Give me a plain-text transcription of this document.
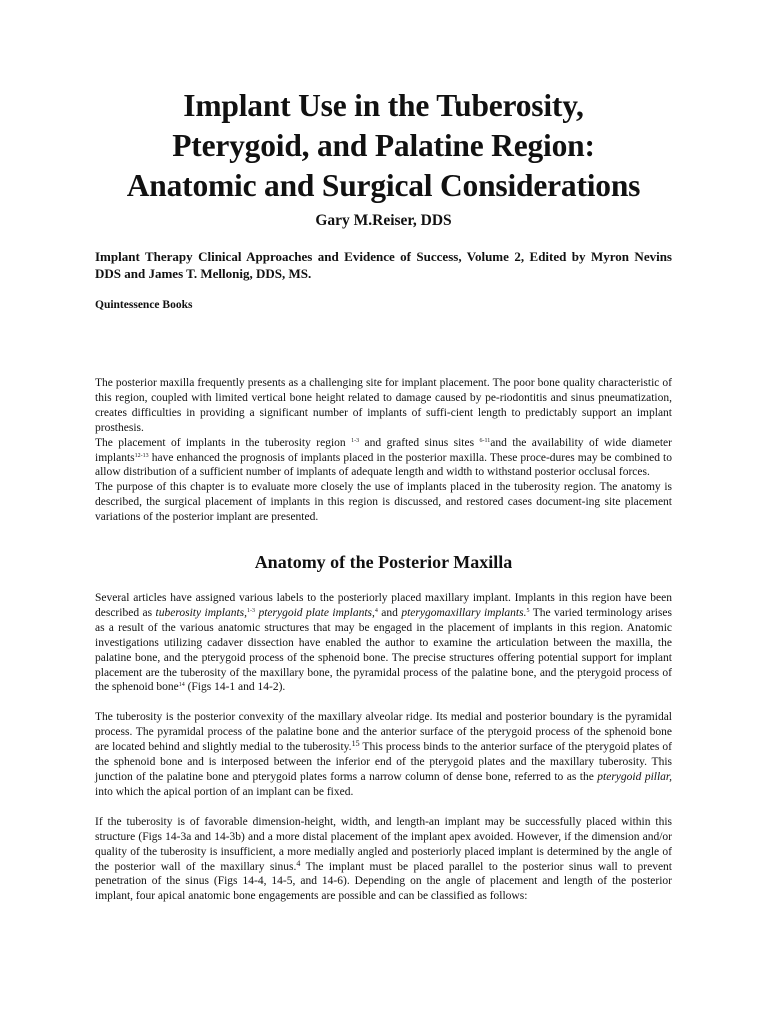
Implant Use in the Tuberosity,
Pterygoid, and Palatine Region:
Anatomic and Surgical Considerations
Gary M.Reiser, DDS
Implant Therapy Clinical Approaches and Evidence of Success, Volume 2, Edited by Myron Nevins DDS and James T. Mellonig, DDS, MS.
Quintessence Books

The posterior maxilla frequently presents as a challenging site for implant placement. The poor bone quality characteristic of this region, coupled with limited vertical bone height related to damage caused by pe-riodontitis and sinus pneumatization, creates difficulties in providing a significant number of implants of suffi-cient length to predictably support an implant prosthesis.

The placement of implants in the tuberosity region $^{1-3}$ and grafted sinus sites $^{6-11}$and the availability of wide diameter implants$^{12-13}$ have enhanced the prognosis of implants placed in the posterior maxilla. These proce-dures may be combined to allow distribution of a sufficient number of implants of adequate length and width to withstand posterior occlusal forces.

The purpose of this chapter is to evaluate more closely the use of implants placed in the tuberosity region. The anatomy is described, the surgical placement of implants in this region is discussed, and restored cases document-ing site placement variations of the posterior implant are presented.

Anatomy of the Posterior Maxilla

Several articles have assigned various labels to the posteriorly placed maxillary implant. Implants in this region have been described as tuberosity implants,$^{1-3}$ pterygoid plate implants,$^4$ and pterygomaxillary implants.$^5$ The varied terminology arises as a result of the various anatomic structures that may be engaged in the placement of implants in this region. Anatomic investigations utilizing cadaver dissection have enabled the author to examine the articulation between the maxilla, the palatine bone, and the pterygoid process of the sphenoid bone. The precise structures offering potential support for implant placement are the tuberosity of the maxillary bone, the pyramidal process of the palatine bone, and the pterygoid process of the sphenoid bone$^{14}$ (Figs 14-1 and 14-2).

The tuberosity is the posterior convexity of the maxillary alveolar ridge. Its medial and posterior boundary is the pyramidal process. The pyramidal process of the palatine bone and the anterior surface of the pterygoid process of the sphenoid bone are located behind and slightly medial to the tuberosity.$^{15}$ This process binds to the anterior surface of the pterygoid plates of the sphenoid bone and is interposed between the inferior end of the pterygoid plates and the maxillary tuberosity. This junction of the palatine bone and pterygoid plates forms a narrow column of dense bone, referred to as the pterygoid pillar, into which the apical portion of an implant can be fixed.

If the tuberosity is of favorable dimension-height, width, and length-an implant may be successfully placed within this structure (Figs 14-3a and 14-3b) and a more distal placement of the implant apex avoided. However, if the dimension and/or quality of the tuberosity is insufficient, a more medially angled and posteriorly placed implant is determined by the angle of the posterior wall of the maxillary sinus.$^4$ The implant must be placed parallel to the posterior sinus wall to prevent penetration of the sinus (Figs 14-4, 14-5, and 14-6). Depending on the angle of placement and length of the posterior implant, four apical anatomic bone engagements are possible and can be classified as follows:
